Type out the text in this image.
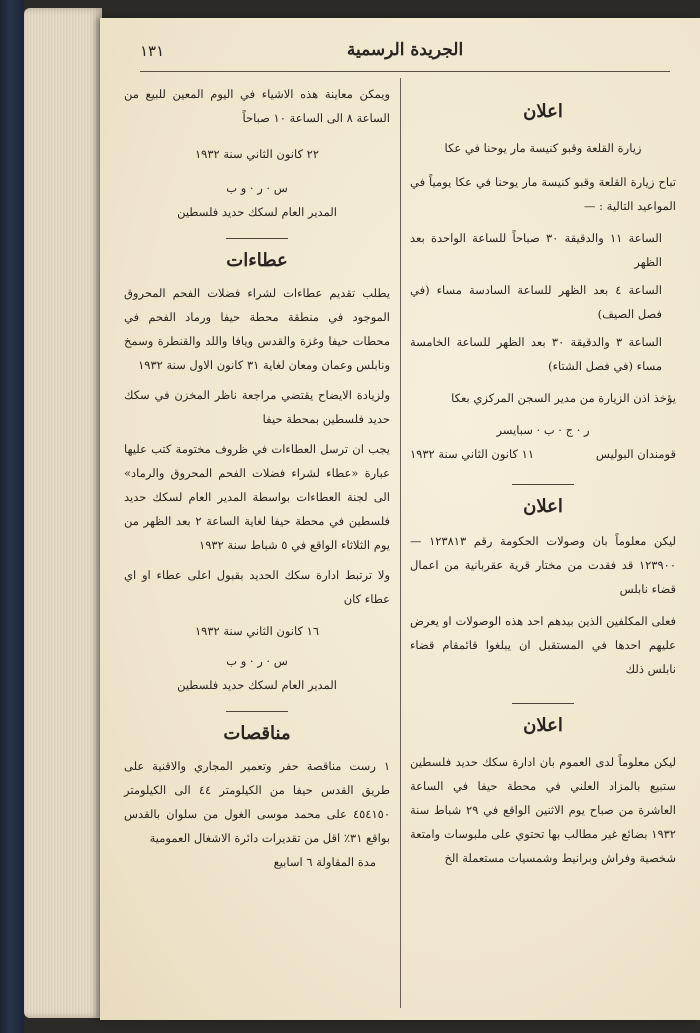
الجريدة الرسمية
١٣١
اعلان

زيارة القلعة وقبو كنيسة مار يوحنا في عكا

تباح زيارة القلعة وقبو كنيسة مار يوحنا في عكا يومياً في المواعيد التالية : —

الساعة ١١ والدقيقة ٣٠ صباحاً للساعة الواحدة بعد الظهر

الساعة ٤ بعد الظهر للساعة السادسة مساء (في فصل الصيف)

الساعة ٣ والدقيقة ٣٠ بعد الظهر للساعة الخامسة مساء (في فصل الشتاء)

يؤخذ اذن الزيارة من مدير السجن المركزي بعكا

ر · ج · ب · سبايسر

قومندان البوليس
١١ كانون الثاني سنة ١٩٣٢
اعلان

ليكن معلوماً بان وصولات الحكومة رقم ١٢٣٨١٣ — ١٢٣٩٠٠ قد فقدت من مختار قرية عقربانية من اعمال قضاء نابلس

فعلى المكلفين الذين بيدهم احد هذه الوصولات او يعرض عليهم احدها في المستقبل ان يبلغوا قائمقام قضاء نابلس ذلك

اعلان

ليكن معلوماً لدى العموم بان ادارة سكك حديد فلسطين ستبيع بالمزاد العلني في محطة حيفا في الساعة العاشرة من صباح يوم الاثنين الواقع في ٢٩ شباط سنة ١٩٣٢ بضائع غير مطالب بها تحتوي على ملبوسات وامتعة شخصية وفراش وبرانيط وشمسيات مستعملة الخ

ويمكن معاينة هذه الاشياء في اليوم المعين للبيع من الساعة ٨ الى الساعة ١٠ صباحاً

٢٢ كانون الثاني سنة ١٩٣٢

س · ر · و ب

المدير العام لسكك حديد فلسطين

عطاءات

يطلب تقديم عطاءات لشراء فضلات الفحم المحروق الموجود في منطقة محطة حيفا ورماد الفحم في محطات حيفا وغزة والقدس ويافا واللد والقنطرة وسمخ ونابلس وعمان ومعان لغاية ٣١ كانون الاول سنة ١٩٣٢

ولزيادة الايضاح يقتضي مراجعة ناظر المخزن في سكك حديد فلسطين بمحطة حيفا

يجب ان ترسل العطاءات في ظروف مختومة كتب عليها عبارة «عطاء لشراء فضلات الفحم المحروق والرماد» الى لجنة العطاءات بواسطة المدير العام لسكك حديد فلسطين في محطة حيفا لغاية الساعة ٢ بعد الظهر من يوم الثلاثاء الواقع في ٥ شباط سنة ١٩٣٢

ولا ترتبط ادارة سكك الحديد بقبول اعلى عطاء او اي عطاء كان

١٦ كانون الثاني سنة ١٩٣٢

س · ر · و ب

المدير العام لسكك حديد فلسطين

مناقصات

١ رست مناقصة حفر وتعمير المجاري والاقنية على طريق القدس حيفا من الكيلومتر ٤٤ الى الكيلومتر ٤٥٤١٥٠ على محمد موسى الغول من سلوان بالقدس بواقع ٣١٪ اقل من تقديرات دائرة الاشغال العمومية

مدة المقاولة ٦ اسابيع
